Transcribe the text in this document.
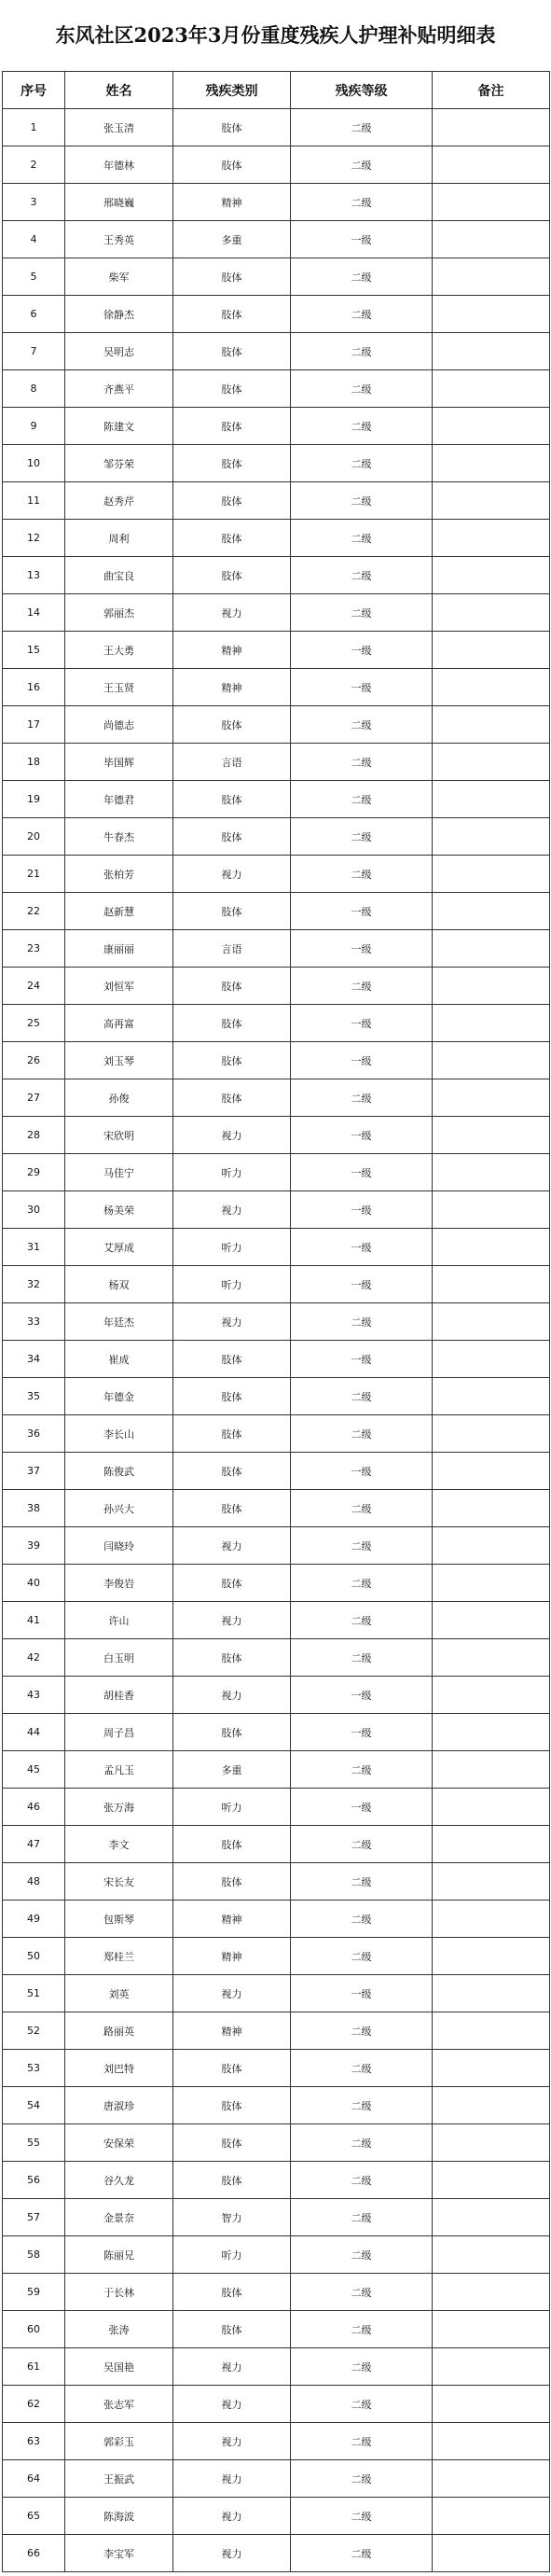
东风社区2023年3月份重度残疾人护理补贴明细表
序号	姓名	残疾类别	残疾等级	备注
1	张玉清	肢体	二级	
2	年德林	肢体	二级	
3	邢晓巍	精神	二级	
4	王秀英	多重	一级	
5	柴军	肢体	二级	
6	徐静杰	肢体	二级	
7	吴明志	肢体	二级	
8	齐燕平	肢体	二级	
9	陈建文	肢体	二级	
10	邹芬荣	肢体	二级	
11	赵秀芹	肢体	二级	
12	周利	肢体	二级	
13	曲宝良	肢体	二级	
14	郭丽杰	视力	二级	
15	王大勇	精神	一级	
16	王玉贤	精神	一级	
17	尚德志	肢体	二级	
18	毕国辉	言语	二级	
19	年德君	肢体	二级	
20	牛春杰	肢体	二级	
21	张柏芳	视力	二级	
22	赵新慧	肢体	一级	
23	康丽丽	言语	一级	
24	刘恒军	肢体	二级	
25	高再富	肢体	一级	
26	刘玉琴	肢体	一级	
27	孙俊	肢体	二级	
28	宋欣明	视力	一级	
29	马佳宁	听力	一级	
30	杨美荣	视力	一级	
31	艾厚成	听力	一级	
32	杨双	听力	一级	
33	年廷杰	视力	二级	
34	崔成	肢体	一级	
35	年德金	肢体	二级	
36	李长山	肢体	二级	
37	陈俊武	肢体	一级	
38	孙兴大	肢体	二级	
39	闫晓玲	视力	二级	
40	李俊岩	肢体	二级	
41	许山	视力	二级	
42	白玉明	肢体	二级	
43	胡桂香	视力	一级	
44	周子昌	肢体	一级	
45	孟凡玉	多重	二级	
46	张万海	听力	一级	
47	李文	肢体	二级	
48	宋长友	肢体	二级	
49	包斯琴	精神	二级	
50	郑桂兰	精神	二级	
51	刘英	视力	一级	
52	路丽英	精神	二级	
53	刘巴特	肢体	二级	
54	唐淑珍	肢体	二级	
55	安保荣	肢体	二级	
56	谷久龙	肢体	二级	
57	金景奈	智力	二级	
58	陈丽兄	听力	二级	
59	于长林	肢体	二级	
60	张涛	肢体	二级	
61	吴国艳	视力	二级	
62	张志军	视力	二级	
63	郭彩玉	视力	二级	
64	王振武	视力	二级	
65	陈海波	视力	二级	
66	李宝军	视力	二级	
